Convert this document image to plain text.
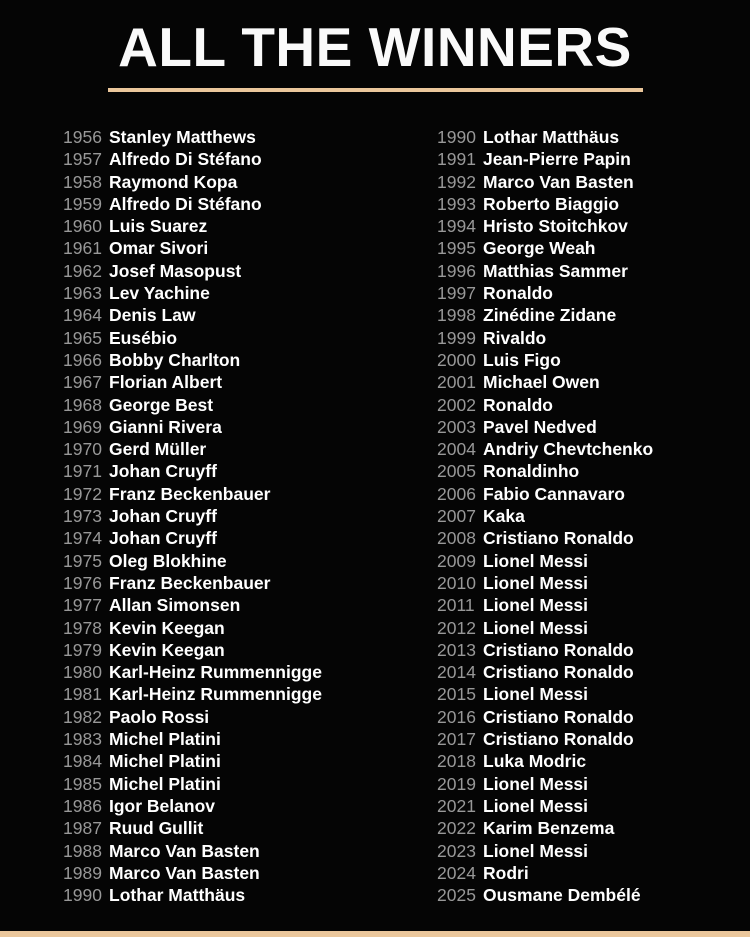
ALL THE WINNERS
1956 Stanley Matthews
1957 Alfredo Di Stéfano
1958 Raymond Kopa
1959 Alfredo Di Stéfano
1960 Luis Suarez
1961 Omar Sivori
1962 Josef Masopust
1963 Lev Yachine
1964 Denis Law
1965 Eusébio
1966 Bobby Charlton
1967 Florian Albert
1968 George Best
1969 Gianni Rivera
1970 Gerd Müller
1971 Johan Cruyff
1972 Franz Beckenbauer
1973 Johan Cruyff
1974 Johan Cruyff
1975 Oleg Blokhine
1976 Franz Beckenbauer
1977 Allan Simonsen
1978 Kevin Keegan
1979 Kevin Keegan
1980 Karl-Heinz Rummennigge
1981 Karl-Heinz Rummennigge
1982 Paolo Rossi
1983 Michel Platini
1984 Michel Platini
1985 Michel Platini
1986 Igor Belanov
1987 Ruud Gullit
1988 Marco Van Basten
1989 Marco Van Basten
1990 Lothar Matthäus
1990 Lothar Matthäus
1991 Jean-Pierre Papin
1992 Marco Van Basten
1993 Roberto Biaggio
1994 Hristo Stoitchkov
1995 George Weah
1996 Matthias Sammer
1997 Ronaldo
1998 Zinédine Zidane
1999 Rivaldo
2000 Luis Figo
2001 Michael Owen
2002 Ronaldo
2003 Pavel Nedved
2004 Andriy Chevtchenko
2005 Ronaldinho
2006 Fabio Cannavaro
2007 Kaka
2008 Cristiano Ronaldo
2009 Lionel Messi
2010 Lionel Messi
2011 Lionel Messi
2012 Lionel Messi
2013 Cristiano Ronaldo
2014 Cristiano Ronaldo
2015 Lionel Messi
2016 Cristiano Ronaldo
2017 Cristiano Ronaldo
2018 Luka Modric
2019 Lionel Messi
2021 Lionel Messi
2022 Karim Benzema
2023 Lionel Messi
2024 Rodri
2025 Ousmane Dembélé
